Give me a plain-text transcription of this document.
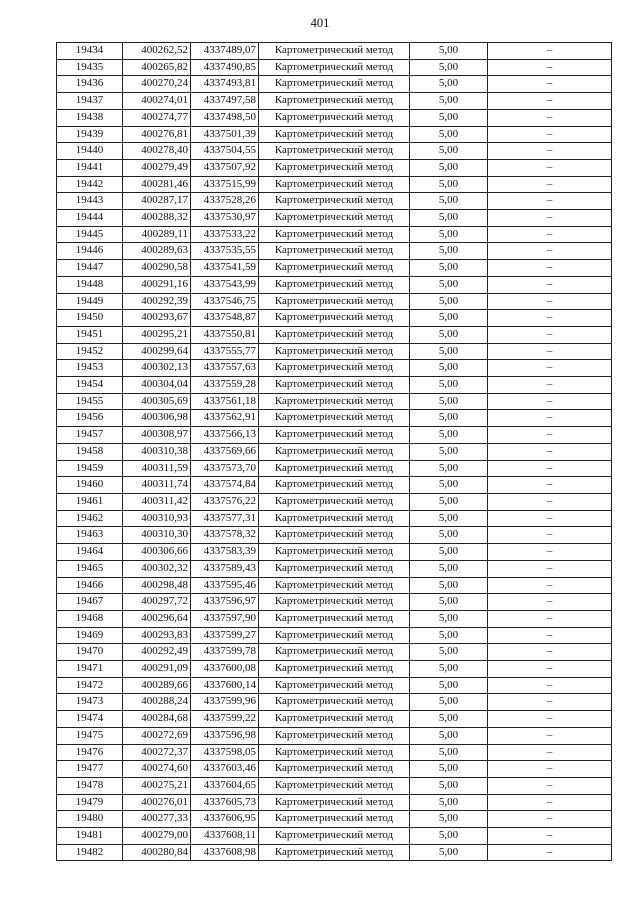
401
19434	400262,52	4337489,07	Картометрический метод	5,00	–
19435	400265,82	4337490,85	Картометрический метод	5,00	–
19436	400270,24	4337493,81	Картометрический метод	5,00	–
19437	400274,01	4337497,58	Картометрический метод	5,00	–
19438	400274,77	4337498,50	Картометрический метод	5,00	–
19439	400276,81	4337501,39	Картометрический метод	5,00	–
19440	400278,40	4337504,55	Картометрический метод	5,00	–
19441	400279,49	4337507,92	Картометрический метод	5,00	–
19442	400281,46	4337515,99	Картометрический метод	5,00	–
19443	400287,17	4337528,26	Картометрический метод	5,00	–
19444	400288,32	4337530,97	Картометрический метод	5,00	–
19445	400289,11	4337533,22	Картометрический метод	5,00	–
19446	400289,63	4337535,55	Картометрический метод	5,00	–
19447	400290,58	4337541,59	Картометрический метод	5,00	–
19448	400291,16	4337543,99	Картометрический метод	5,00	–
19449	400292,39	4337546,75	Картометрический метод	5,00	–
19450	400293,67	4337548,87	Картометрический метод	5,00	–
19451	400295,21	4337550,81	Картометрический метод	5,00	–
19452	400299,64	4337555,77	Картометрический метод	5,00	–
19453	400302,13	4337557,63	Картометрический метод	5,00	–
19454	400304,04	4337559,28	Картометрический метод	5,00	–
19455	400305,69	4337561,18	Картометрический метод	5,00	–
19456	400306,98	4337562,91	Картометрический метод	5,00	–
19457	400308,97	4337566,13	Картометрический метод	5,00	–
19458	400310,38	4337569,66	Картометрический метод	5,00	–
19459	400311,59	4337573,70	Картометрический метод	5,00	–
19460	400311,74	4337574,84	Картометрический метод	5,00	–
19461	400311,42	4337576,22	Картометрический метод	5,00	–
19462	400310,93	4337577,31	Картометрический метод	5,00	–
19463	400310,30	4337578,32	Картометрический метод	5,00	–
19464	400306,66	4337583,39	Картометрический метод	5,00	–
19465	400302,32	4337589,43	Картометрический метод	5,00	–
19466	400298,48	4337595,46	Картометрический метод	5,00	–
19467	400297,72	4337596,97	Картометрический метод	5,00	–
19468	400296,64	4337597,90	Картометрический метод	5,00	–
19469	400293,83	4337599,27	Картометрический метод	5,00	–
19470	400292,49	4337599,78	Картометрический метод	5,00	–
19471	400291,09	4337600,08	Картометрический метод	5,00	–
19472	400289,66	4337600,14	Картометрический метод	5,00	–
19473	400288,24	4337599,96	Картометрический метод	5,00	–
19474	400284,68	4337599,22	Картометрический метод	5,00	–
19475	400272,69	4337596,98	Картометрический метод	5,00	–
19476	400272,37	4337598,05	Картометрический метод	5,00	–
19477	400274,60	4337603,46	Картометрический метод	5,00	–
19478	400275,21	4337604,65	Картометрический метод	5,00	–
19479	400276,01	4337605,73	Картометрический метод	5,00	–
19480	400277,33	4337606,95	Картометрический метод	5,00	–
19481	400279,00	4337608,11	Картометрический метод	5,00	–
19482	400280,84	4337608,98	Картометрический метод	5,00	–
